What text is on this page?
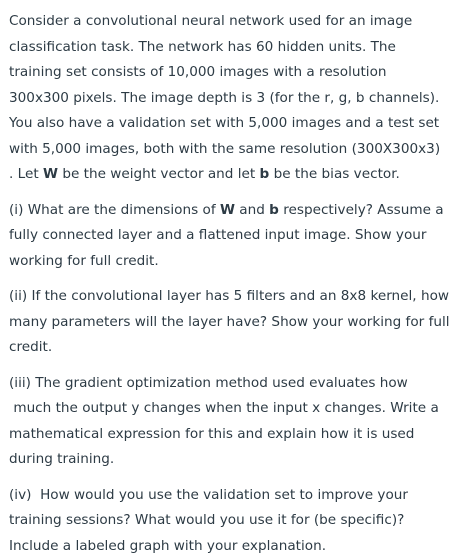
Consider a convolutional neural network used for an image
classification task. The network has 60 hidden units. The
training set consists of 10,000 images with a resolution
300x300 pixels. The image depth is 3 (for the r, g, b channels).
You also have a validation set with 5,000 images and a test set
with 5,000 images, both with the same resolution (300X300x3)
. Let W be the weight vector and let b be the bias vector.
(i) What are the dimensions of W and b respectively? Assume a
fully connected layer and a flattened input image. Show your
working for full credit.
(ii) If the convolutional layer has 5 filters and an 8x8 kernel, how
many parameters will the layer have? Show your working for full
credit.
(iii) The gradient optimization method used evaluates how
much the output y changes when the input x changes. Write a
mathematical expression for this and explain how it is used
during training.
(iv)  How would you use the validation set to improve your
training sessions? What would you use it for (be specific)?
Include a labeled graph with your explanation.
